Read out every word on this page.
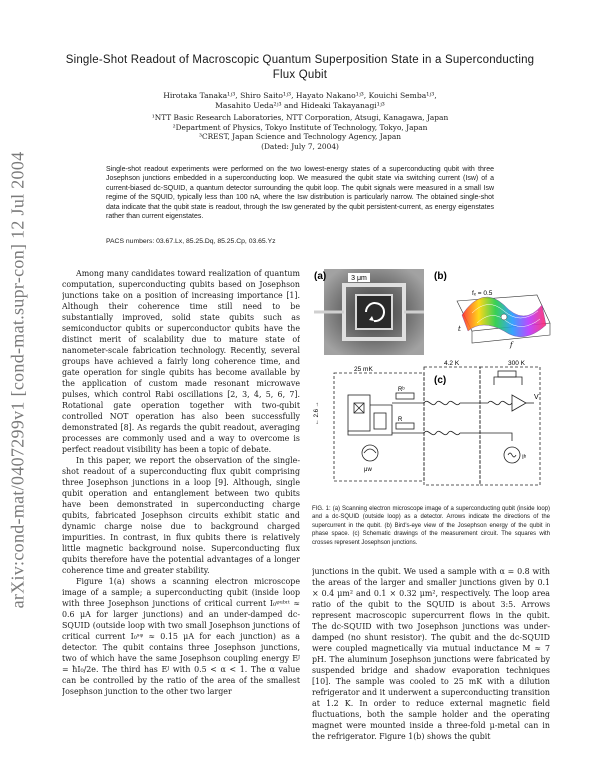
arXiv:cond-mat/0407299v1 [cond-mat.supr-con] 12 Jul 2004
Single-Shot Readout of Macroscopic Quantum Superposition State in a Superconducting Flux Qubit
Hirotaka Tanaka¹ʲ³, Shiro Saito¹ʲ³, Hayato Nakano¹ʲ³, Kouichi Semba¹ʲ³,
Masahito Ueda²ʲ³ and Hideaki Takayanagi¹ʲ³
¹NTT Basic Research Laboratories, NTT Corporation, Atsugi, Kanagawa, Japan
²Department of Physics, Tokyo Institute of Technology, Tokyo, Japan
³CREST, Japan Science and Technology Agency, Japan
(Dated: July 7, 2004)
Single-shot readout experiments were performed on the two lowest-energy states of a superconducting qubit with three Josephson junctions embedded in a superconducting loop. We measured the qubit state via switching current (Isw) of a current-biased dc-SQUID, a quantum detector surrounding the qubit loop. The qubit signals were measured in a small Isw regime of the SQUID, typically less than 100 nA, where the Isw distribution is particularly narrow. The obtained single-shot data indicate that the qubit state is readout, through the Isw generated by the qubit persistent-current, as energy eigenstates rather than current eigenstates.
PACS numbers: 03.67.Lx, 85.25.Dq, 85.25.Cp, 03.65.Yz

Among many candidates toward realization of quantum computation, superconducting qubits based on Josephson junctions take on a position of increasing importance [1]. Although their coherence time still need to be substantially improved, solid state qubits such as semiconductor qubits or superconductor qubits have the distinct merit of scalability due to mature state of nanometer-scale fabrication technology. Recently, several groups have achieved a fairly long coherence time, and gate operation for single qubits has become available by the application of custom made resonant microwave pulses, which control Rabi oscillations [2, 3, 4, 5, 6, 7]. Rotational gate operation together with two-qubit controlled NOT operation has also been successfully demonstrated [8]. As regards the qubit readout, averaging processes are commonly used and a way to overcome is perfect readout visibility has been a topic of debate.

In this paper, we report the observation of the single-shot readout of a superconducting flux qubit comprising three Josephson junctions in a loop [9]. Although, single qubit operation and entanglement between two qubits have been demonstrated in superconducting charge qubits, fabricated Josephson circuits exhibit static and dynamic charge noise due to background charged impurities. In contrast, in flux qubits there is relatively little magnetic background noise. Superconducting flux qubits therefore have the potential advantages of a longer coherence time and greater stability.

Figure 1(a) shows a scanning electron microscope image of a sample; a superconducting qubit (inside loop with three Josephson junctions of critical current I₀ᵠᵘᵇᶦᵗ ≈ 0.6 μA for larger junctions) and an under-damped dc-SQUID (outside loop with two small Josephson junctions of critical current I₀ˢᵠ ≈ 0.15 μA for each junction) as a detector. The qubit contains three Josephson junctions, two of which have the same Josephson coupling energy Eᴶ = ħI₀/2e. The third has Eᴶ with 0.5 < α < 1. The α value can be controlled by the ratio of the area of the smallest Josephson junction to the other two larger

3 μm
(a)
fₓ = 0.5
t
f
(b)
(c)
25 mK
4.2 K	300 K
V
Iᵇ
Rᵇ
R
μw
← 2.6 →
FIG. 1: (a) Scanning electron microscope image of a superconducting qubit (inside loop) and a dc-SQUID (outside loop) as a detector. Arrows indicate the directions of the supercurrent in the qubit. (b) Bird's-eye view of the Josephson energy of the qubit in phase space. (c) Schematic drawings of the measurement circuit. The squares with crosses represent Josephson junctions.

junctions in the qubit. We used a sample with α = 0.8 with the areas of the larger and smaller junctions given by 0.1 × 0.4 μm² and 0.1 × 0.32 μm², respectively. The loop area ratio of the qubit to the SQUID is about 3:5. Arrows represent macroscopic supercurrent flows in the qubit. The dc-SQUID with two Josephson junctions was under-damped (no shunt resistor). The qubit and the dc-SQUID were coupled magnetically via mutual inductance M ≈ 7 pH. The aluminum Josephson junctions were fabricated by suspended bridge and shadow evaporation techniques [10]. The sample was cooled to 25 mK with a dilution refrigerator and it underwent a superconducting transition at 1.2 K. In order to reduce external magnetic field fluctuations, both the sample holder and the operating magnet were mounted inside a three-fold μ-metal can in the refrigerator. Figure 1(b) shows the qubit
